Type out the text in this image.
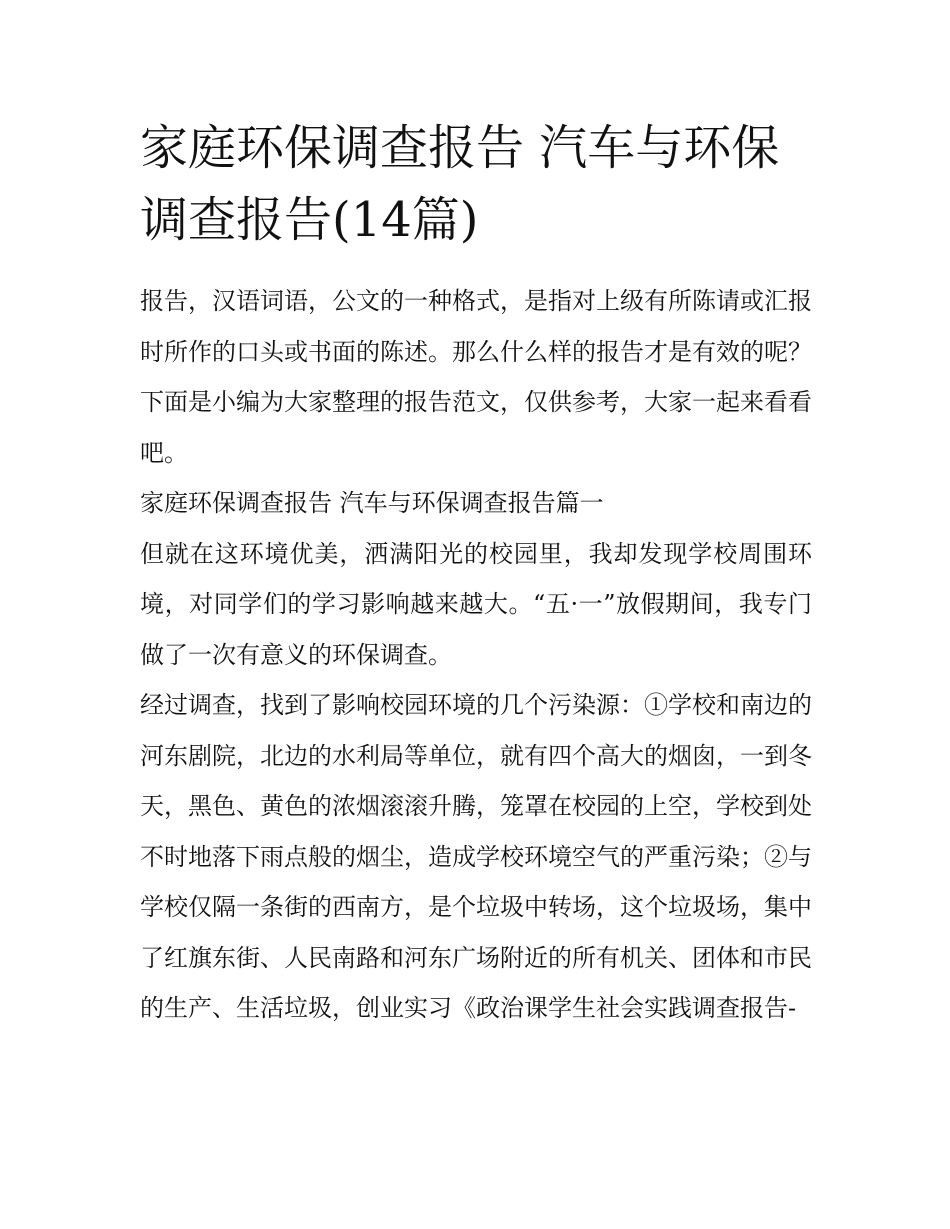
家庭环保调查报告 汽车与环保调查报告(14篇)

报告，汉语词语，公文的一种格式，是指对上级有所陈请或汇报时所作的口头或书面的陈述。那么什么样的报告才是有效的呢？下面是小编为大家整理的报告范文，仅供参考，大家一起来看看吧。

家庭环保调查报告 汽车与环保调查报告篇一

但就在这环境优美，洒满阳光的校园里，我却发现学校周围环境，对同学们的学习影响越来越大。“五·一”放假期间，我专门做了一次有意义的环保调查。

经过调查，找到了影响校园环境的几个污染源：①学校和南边的河东剧院，北边的水利局等单位，就有四个高大的烟囱，一到冬天，黑色、黄色的浓烟滚滚升腾，笼罩在校园的上空，学校到处不时地落下雨点般的烟尘，造成学校环境空气的严重污染；②与学校仅隔一条街的西南方，是个垃圾中转场，这个垃圾场，集中了红旗东街、人民南路和河东广场附近的所有机关、团体和市民的生产、生活垃圾，创业实习《政治课学生社会实践调查报告-
